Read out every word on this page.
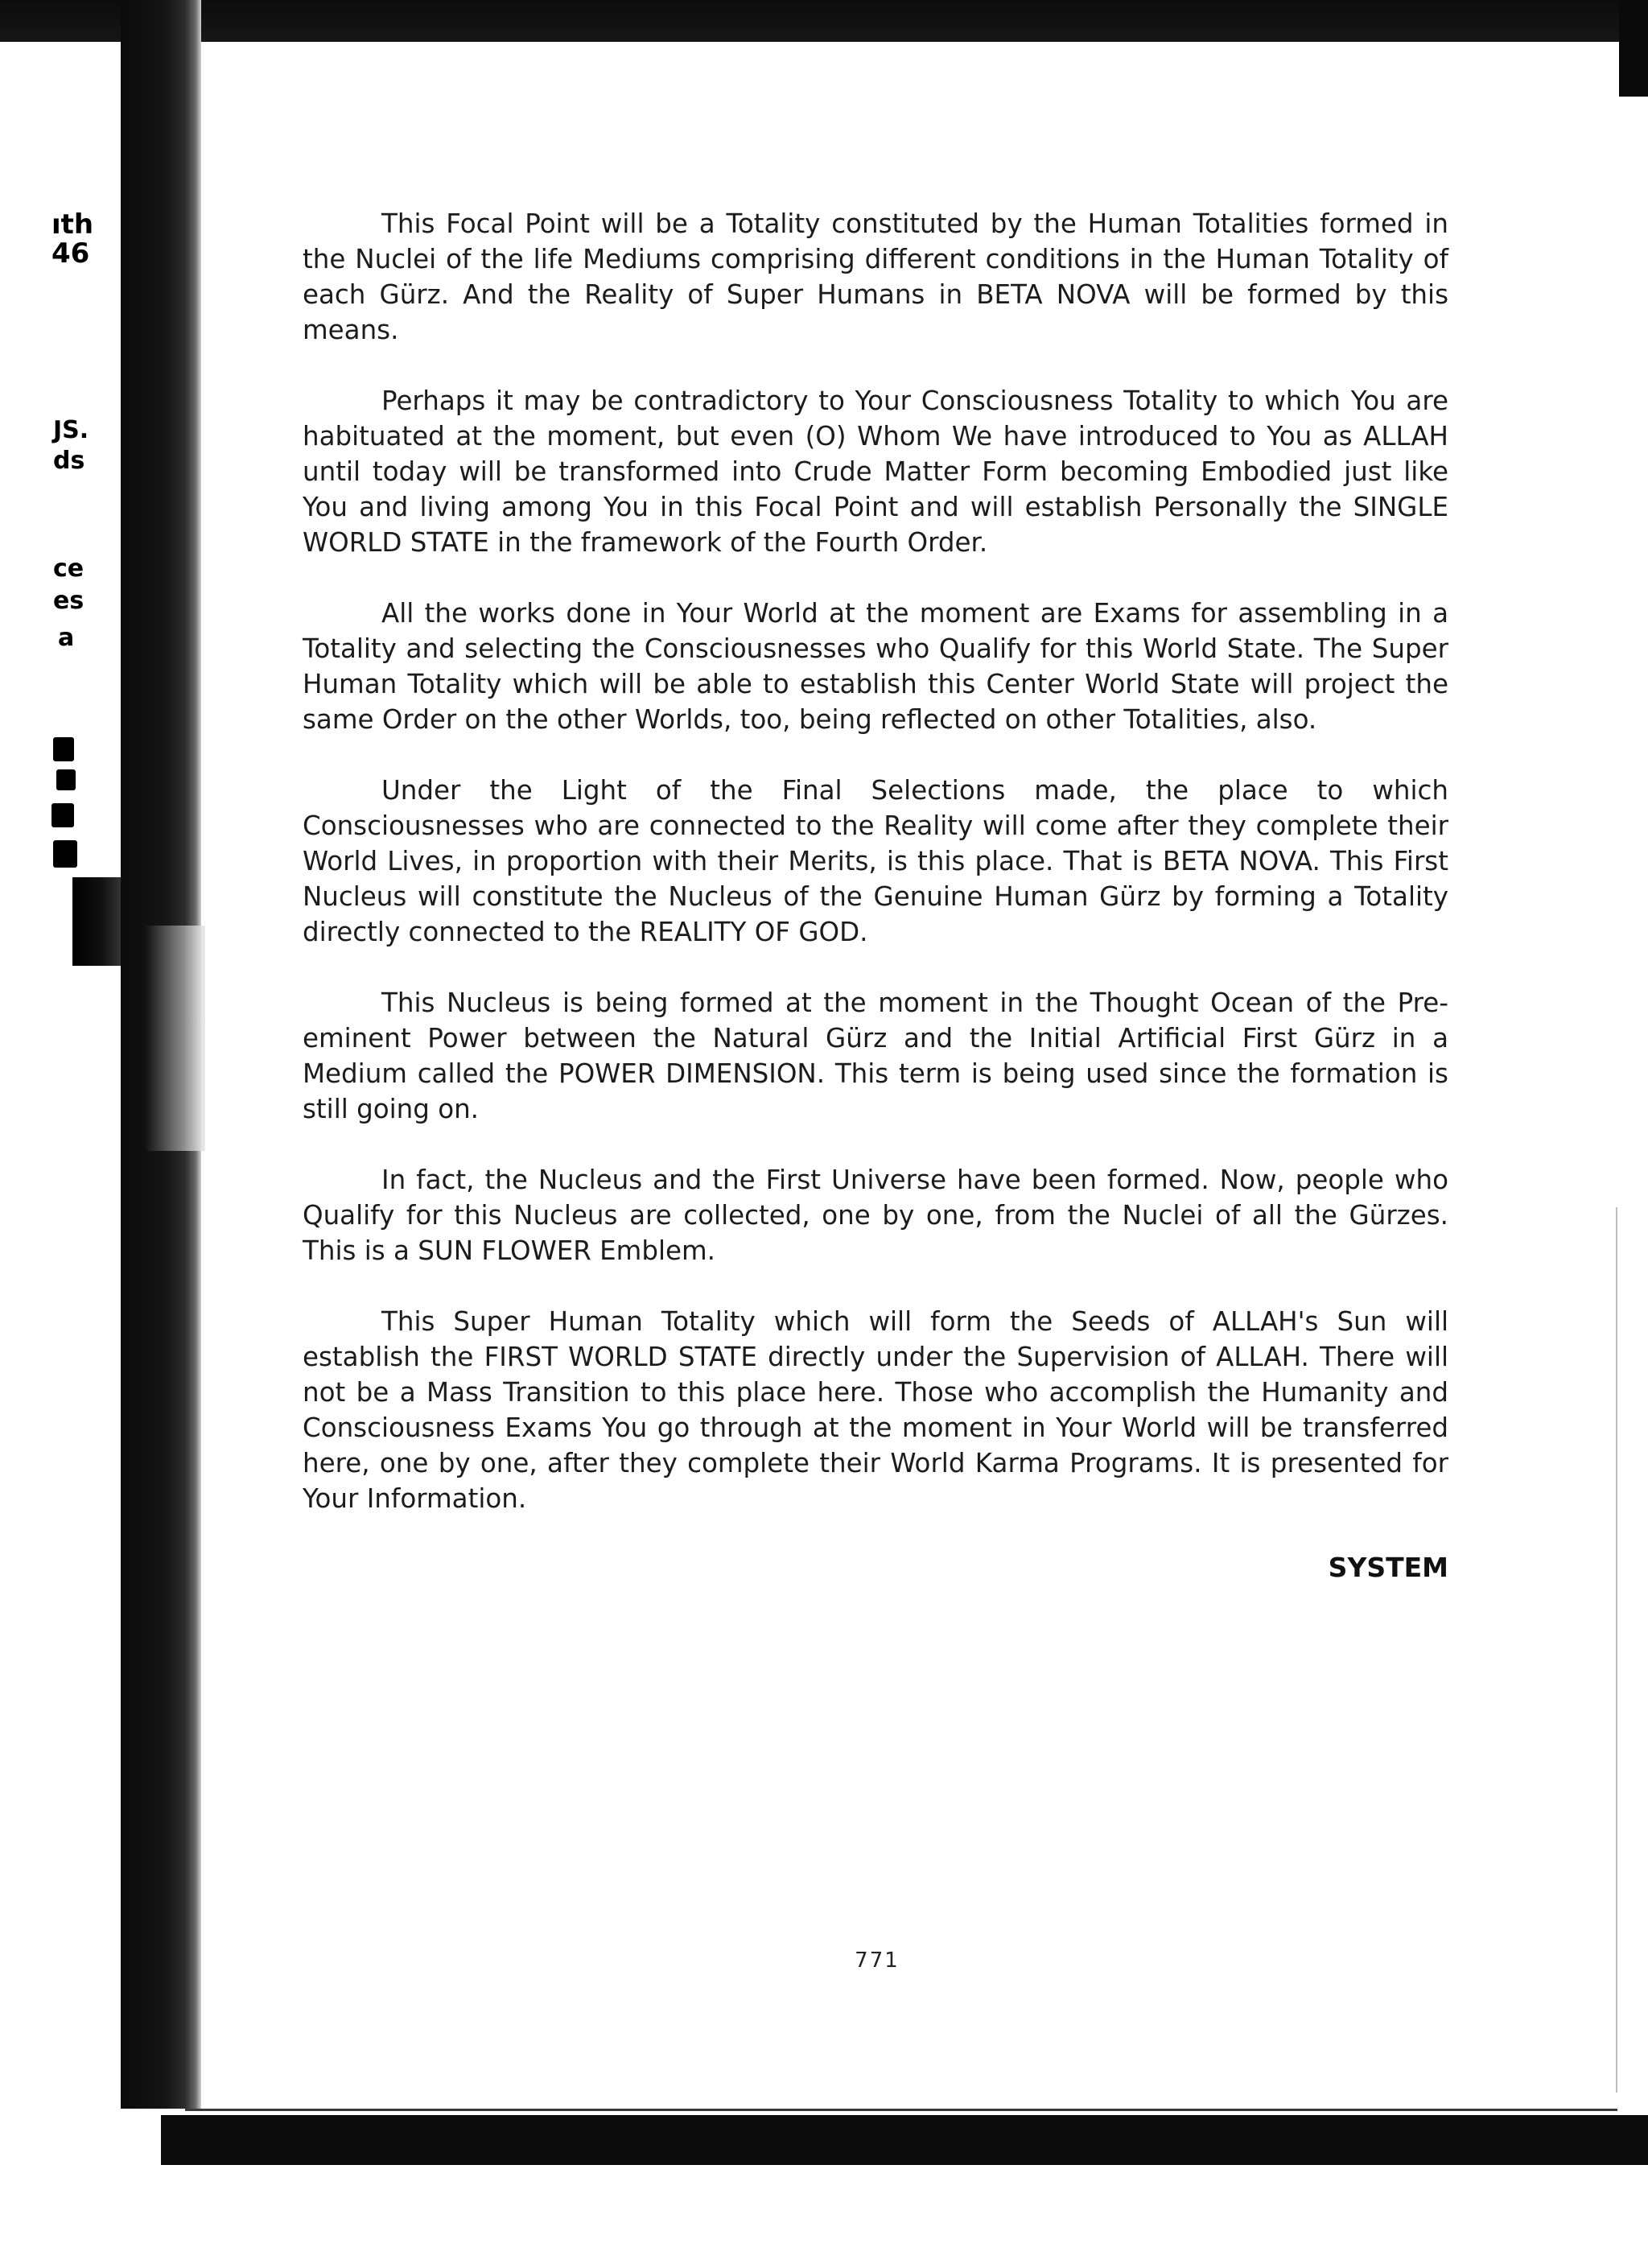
ıth
46
JS.
ds
ce
es
a

This Focal Point will be a Totality constituted by the Human Totalities formed in the Nuclei of the life Mediums comprising different conditions in the Human Totality of each Gürz. And the Reality of Super Humans in BETA NOVA will be formed by this means.

Perhaps it may be contradictory to Your Consciousness Totality to which You are habituated at the moment, but even (O) Whom We have introduced to You as ALLAH until today will be transformed into Crude Matter Form becoming Embodied just like You and living among You in this Focal Point and will establish Personally the SINGLE WORLD STATE in the framework of the Fourth Order.

All the works done in Your World at the moment are Exams for assembling in a Totality and selecting the Consciousnesses who Qualify for this World State. The Super Human Totality which will be able to establish this Center World State will project the same Order on the other Worlds, too, being reflected on other Totalities, also.

Under the Light of the Final Selections made, the place to which Consciousnesses who are connected to the Reality will come after they complete their World Lives, in proportion with their Merits, is this place. That is BETA NOVA. This First Nucleus will constitute the Nucleus of the Genuine Human Gürz by forming a Totality directly connected to the REALITY OF GOD.

This Nucleus is being formed at the moment in the Thought Ocean of the Pre-eminent Power between the Natural Gürz and the Initial Artificial First Gürz in a Medium called the POWER DIMENSION. This term is being used since the formation is still going on.

In fact, the Nucleus and the First Universe have been formed. Now, people who Qualify for this Nucleus are collected, one by one, from the Nuclei of all the Gürzes. This is a SUN FLOWER Emblem.

This Super Human Totality which will form the Seeds of ALLAH's Sun will establish the FIRST WORLD STATE directly under the Supervision of ALLAH. There will not be a Mass Transition to this place here. Those who accomplish the Humanity and Consciousness Exams You go through at the moment in Your World will be transferred here, one by one, after they complete their World Karma Programs. It is presented for Your Information.

SYSTEM
771
